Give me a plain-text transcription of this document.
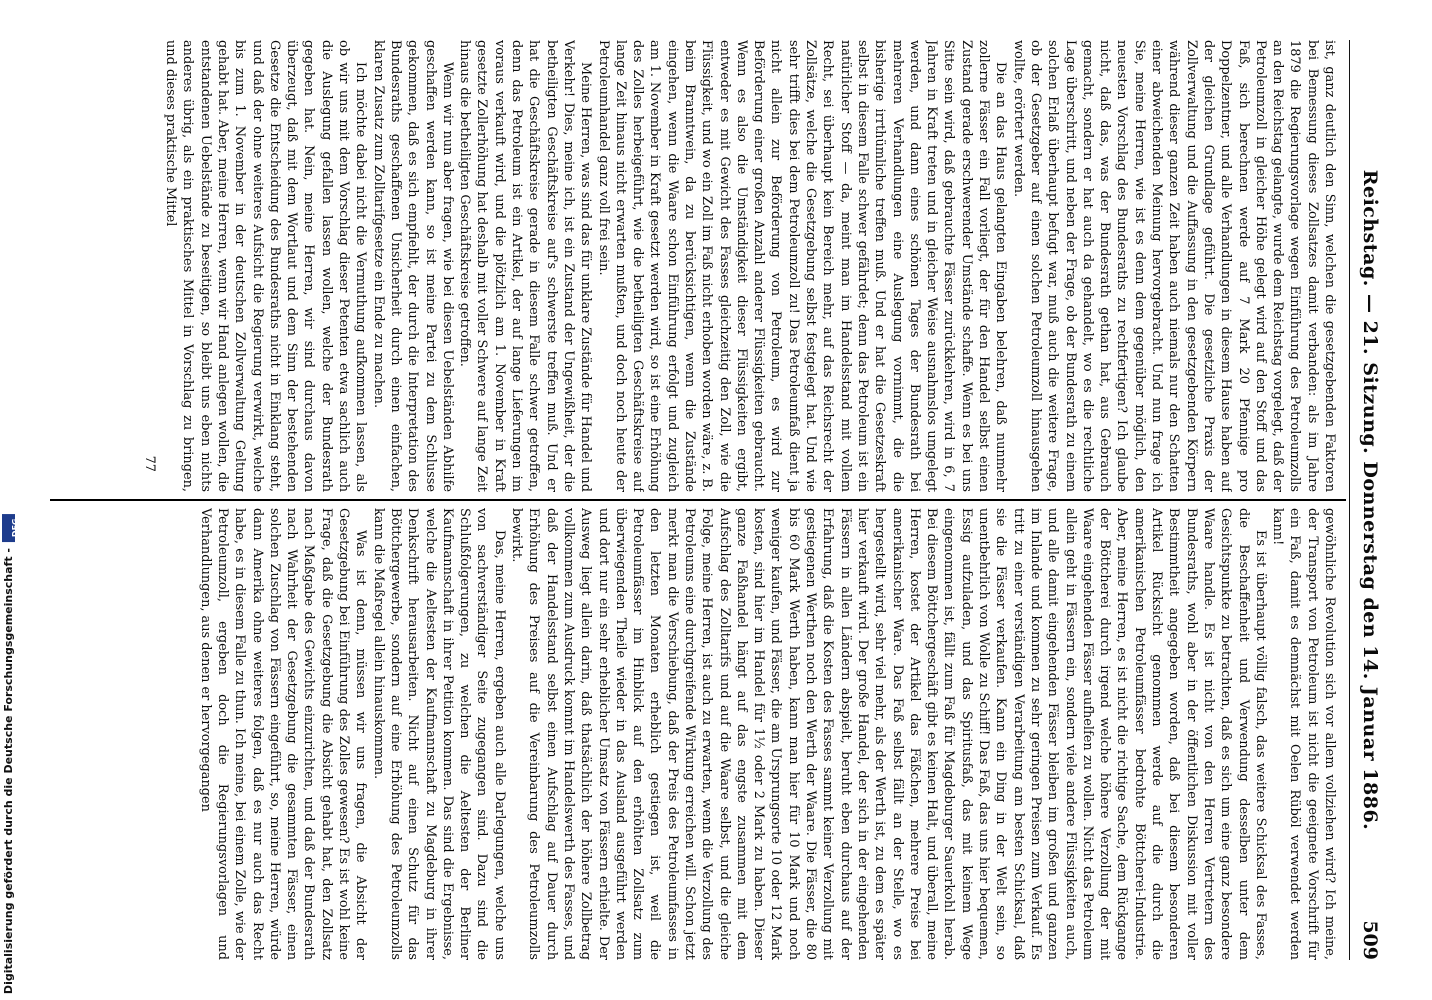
Reichstag. — 21. Sitzung. Donnerstag den 14. Januar 1886.
509

ist, ganz deutlich den Sinn, welchen die gesetzgebenden Faktoren bei Bemessung dieses Zollsatzes damit verbanden: als im Jahre 1879 die Regierungsvorlage wegen Einführung des Petroleumzolls an den Reichstag gelangte, wurde dem Reichstag vorgelegt, daß der Petroleumzoll in gleicher Höhe gelegt wird auf den Stoff und das Faß, sich berechnen werde auf 7 Mark 20 Pfennige pro Doppelzentner, und alle Verhandlungen in diesem Hause haben auf der gleichen Grundlage geführt. Die gesetzliche Praxis der Zollverwaltung und die Auffassung in den gesetzgebenden Körpern während dieser ganzen Zeit haben auch niemals nur den Schatten einer abweichenden Meinung hervorgebracht. Und nun frage ich Sie, meine Herren, wie ist es denn dem gegenüber möglich, den neuesten Vorschlag des Bundesraths zu rechtfertigen? Ich glaube nicht, daß das, was der Bundesrath gethan hat, aus Gebrauch gemacht, sondern er hat auch da gehandelt, wo es die rechtliche Lage überschritt, und neben der Frage, ob der Bundesrath zu einem solchen Erlaß überhaupt befugt war, muß auch die weitere Frage, ob der Gesetzgeber auf einen solchen Petroleumzoll hinausgehen wollte, erörtert werden.

Die an das Haus gelangten Eingaben belehren, daß nunmehr zollerne Fässer ein Fall vorliegt, der für den Handel selbst einen Zustand gerade erschwerender Umstände schaffe. Wenn es bei uns Sitte sein wird, daß gebrauchte Fässer zurückkehren, wird in 6, 7 Jahren in Kraft treten und in gleicher Weise ausnahmslos umgelegt werden, und dann eines schönen Tages der Bundesrath bei mehreren Verhandlungen eine Auslegung vornimmt, die die bisherige irrthümliche treffen muß. Und er hat die Gesetzeskraft selbst in diesem Falle schwer gefährdet; denn das Petroleum ist ein natürlicher Stoff — da, meint man im Handelsstand mit vollem Recht, sei überhaupt kein Bereich mehr, auf das Reichsrecht der Zollsätze, welche die Gesetzgebung selbst festgelegt hat. Und wie sehr trifft dies bei dem Petroleumzoll zu! Das Petroleumfaß dient ja nicht allein zur Beförderung von Petroleum, es wird zur Beförderung einer großen Anzahl anderer Flüssigkeiten gebraucht. Wenn es also die Umständigkeit dieser Flüssigkeiten ergibt, entweder es mit Gewicht des Fasses gleichzeitig den Zoll, wie die Flüssigkeit, und wo ein Zoll im Faß nicht erhoben worden wäre, z. B. beim Branntwein, da zu berücksichtigen, wenn die Zustände eingehen, wenn die Waare schon Einführung erfolgt und zugleich am 1. November in Kraft gesetzt werden wird, so ist eine Erhöhung des Zolles herbeigeführt, wie die betheiligten Geschäftskreise auf lange Zeit hinaus nicht erwarten mußten, und doch noch heute der Petroleumhandel ganz voll frei sein.

Meine Herren, was sind das für unklare Zustände für Handel und Verkehr! Dies, meine ich, ist ein Zustand der Ungewißheit, der die betheiligten Geschäftskreise auf's schwerste treffen muß. Und er hat die Geschäftskreise gerade in diesem Falle schwer getroffen, denn das Petroleum ist ein Artikel, der auf lange Lieferungen im voraus verkauft wird, und die plötzlich am 1. November in Kraft gesetzte Zollerhöhung hat deshalb mit voller Schwere auf lange Zeit hinaus die betheiligten Geschäftskreise getroffen.

Wenn wir nun aber fragen, wie bei diesen Uebelständen Abhilfe geschaffen werden kann, so ist meine Partei zu dem Schlusse gekommen, daß es sich empfiehlt, der durch die Interpretation des Bundesraths geschaffenen Unsicherheit durch einen einfachen, klaren Zusatz zum Zolltarifgesetze ein Ende zu machen.

Ich möchte dabei nicht die Vermuthung aufkommen lassen, als ob wir uns mit dem Vorschlag dieser Petenten etwa sachlich auch die Auslegung gefallen lassen wollen, welche der Bundesrath gegeben hat. Nein, meine Herren, wir sind durchaus davon überzeugt, daß mit dem Wortlaut und dem Sinn der bestehenden Gesetze die Entscheidung des Bundesraths nicht in Einklang steht, und daß der ohne weiteres Aufsicht die Regierung verwirkt, welche bis zum 1. November in der deutschen Zollverwaltung Geltung gehabt hat. Aber, meine Herren, wenn wir Hand anlegen wollen, die entstandenen Uebelstände zu beseitigen, so bleibt uns eben nichts anderes übrig, als ein praktisches Mittel in Vorschlag zu bringen, und dieses praktische Mittel

77

gewöhnliche Revolution sich vor allem vollziehen wird? Ich meine, der Transport von Petroleum ist nicht die geeignete Vorschrift für ein Faß, damit es demnächst mit Oelen Rüböl verwendet werden kann!

Es ist überhaupt völlig falsch, das weitere Schicksal des Fasses, die Beschaffenheit und Verwendung desselben unter dem Gesichtspunkte zu betrachten, daß es sich um eine ganz besondere Waare handle. Es ist nicht von den Herren Vertretern des Bundesraths, wohl aber in der öffentlichen Diskussion mit voller Bestimmtheit angegeben worden, daß bei diesem besonderen Artikel Rücksicht genommen werde auf die durch die amerikanischen Petroleumfässer bedrohte Böttcherei-Industrie. Aber, meine Herren, es ist nicht die richtige Sache, dem Rückgange der Böttcherei durch irgend welche höhere Verzollung der mit Waare eingehenden Fässer aufhelfen zu wollen. Nicht das Petroleum allein geht in Fässern ein, sondern viele andere Flüssigkeiten auch, und alle damit eingehenden Fässer bleiben im großen und ganzen im Inlande und kommen zu sehr geringen Preisen zum Verkauf. Es tritt zu einer verständigen Verarbeitung am besten Schicksal, daß sie die Fässer verkaufen. Kann ein Ding in der Welt sein, so unentbehrlich von Wolle zu Schiff! Das Faß, das uns hier bequemen, Essig aufzuladen, und das Spiritusfaß, das mit keinem Wege eingenommen ist, fällt zum Faß für Magdeburger Sauerkohl herab. Bei diesem Böttchergeschäft gibt es keinen Halt, und überall, meine Herren, kostet der Artikel das Fäßchen, mehrere Preise bei amerikanischer Ware. Das Faß selbst fällt an der Stelle, wo es hergestellt wird, sehr viel mehr, als der Werth ist, zu dem es später hier verkauft wird. Der große Handel, der sich in der eingehenden Fässern in allen Ländern abspielt, beruht eben durchaus auf der Erfahrung, daß die Kosten des Fasses sammt keiner Verzollung mit gestiegenen Werthen noch den Werth der Waare. Die Fässer, die 80 bis 60 Mark Werth haben, kann man hier für 10 Mark und noch weniger kaufen, und Fässer, die am Ursprungsorte 10 oder 12 Mark kosten, sind hier im Handel für 1½ oder 2 Mark zu haben. Dieser ganze Faßhandel hängt auf das engste zusammen mit dem Aufschlag des Zolltarifs und auf die Waare selbst, und die gleiche Folge, meine Herren, ist auch zu erwarten, wenn die Verzollung des Petroleums eine durchgreifende Wirkung erreichen will. Schon jetzt merkt man die Verschiebung, daß der Preis des Petroleumfasses in den letzten Monaten erheblich gestiegen ist, weil die Petroleumfässer im Hinblick auf den erhöhten Zollsatz zum überwiegenden Theile wieder in das Ausland ausgeführt werden und dort nur ein sehr erheblicher Umsatz von Fässern erhielte. Der Ausweg liegt allein darin, daß thatsächlich der höhere Zollbetrag vollkommen zum Ausdruck kommt im Handelswerth des Fasses, und daß der Handelsstand selbst einen Aufschlag auf Dauer durch Erhöhung des Preises auf die Vereinbarung des Petroleumzolls bewirkt.

Das, meine Herren, ergeben auch alle Darlegungen, welche uns von sachverständiger Seite zugegangen sind. Dazu sind die Schlußfolgerungen, zu welchen die Aeltesten der Berliner Kaufmannschaft in ihrer Petition kommen. Das sind die Ergebnisse, welche die Aeltesten der Kaufmannschaft zu Magdeburg in ihrer Denkschrift herausarbeiten. Nicht auf einen Schutz für das Böttchergewerbe, sondern auf eine Erhöhung des Petroleumzolls kann die Maßregel allein hinauskommen.

Was ist denn, müssen wir uns fragen, die Absicht der Gesetzgebung bei Einführung des Zolles gewesen? Es ist wohl keine Frage, daß die Gesetzgebung die Absicht gehabt hat, den Zollsatz nach Maßgabe des Gewichts einzurichten, und daß der Bundesrath nach Wahrheit der Gesetzgebung die gesammten Fässer, einen solchen Zuschlag von Fässern eingeführt, so, meine Herren, würde dann Amerika ohne weiteres folgen, daß es nur auch das Recht habe, es in diesem Falle zu thun. Ich meine, bei einem Zolle, wie der Petroleumzoll, ergeben doch die Regierungsvorlagen und Verhandlungen, aus denen er hervorgegangen

Digitalisierung gefördert durch die Deutsche Forschungsgemeinschaft -
DFG
